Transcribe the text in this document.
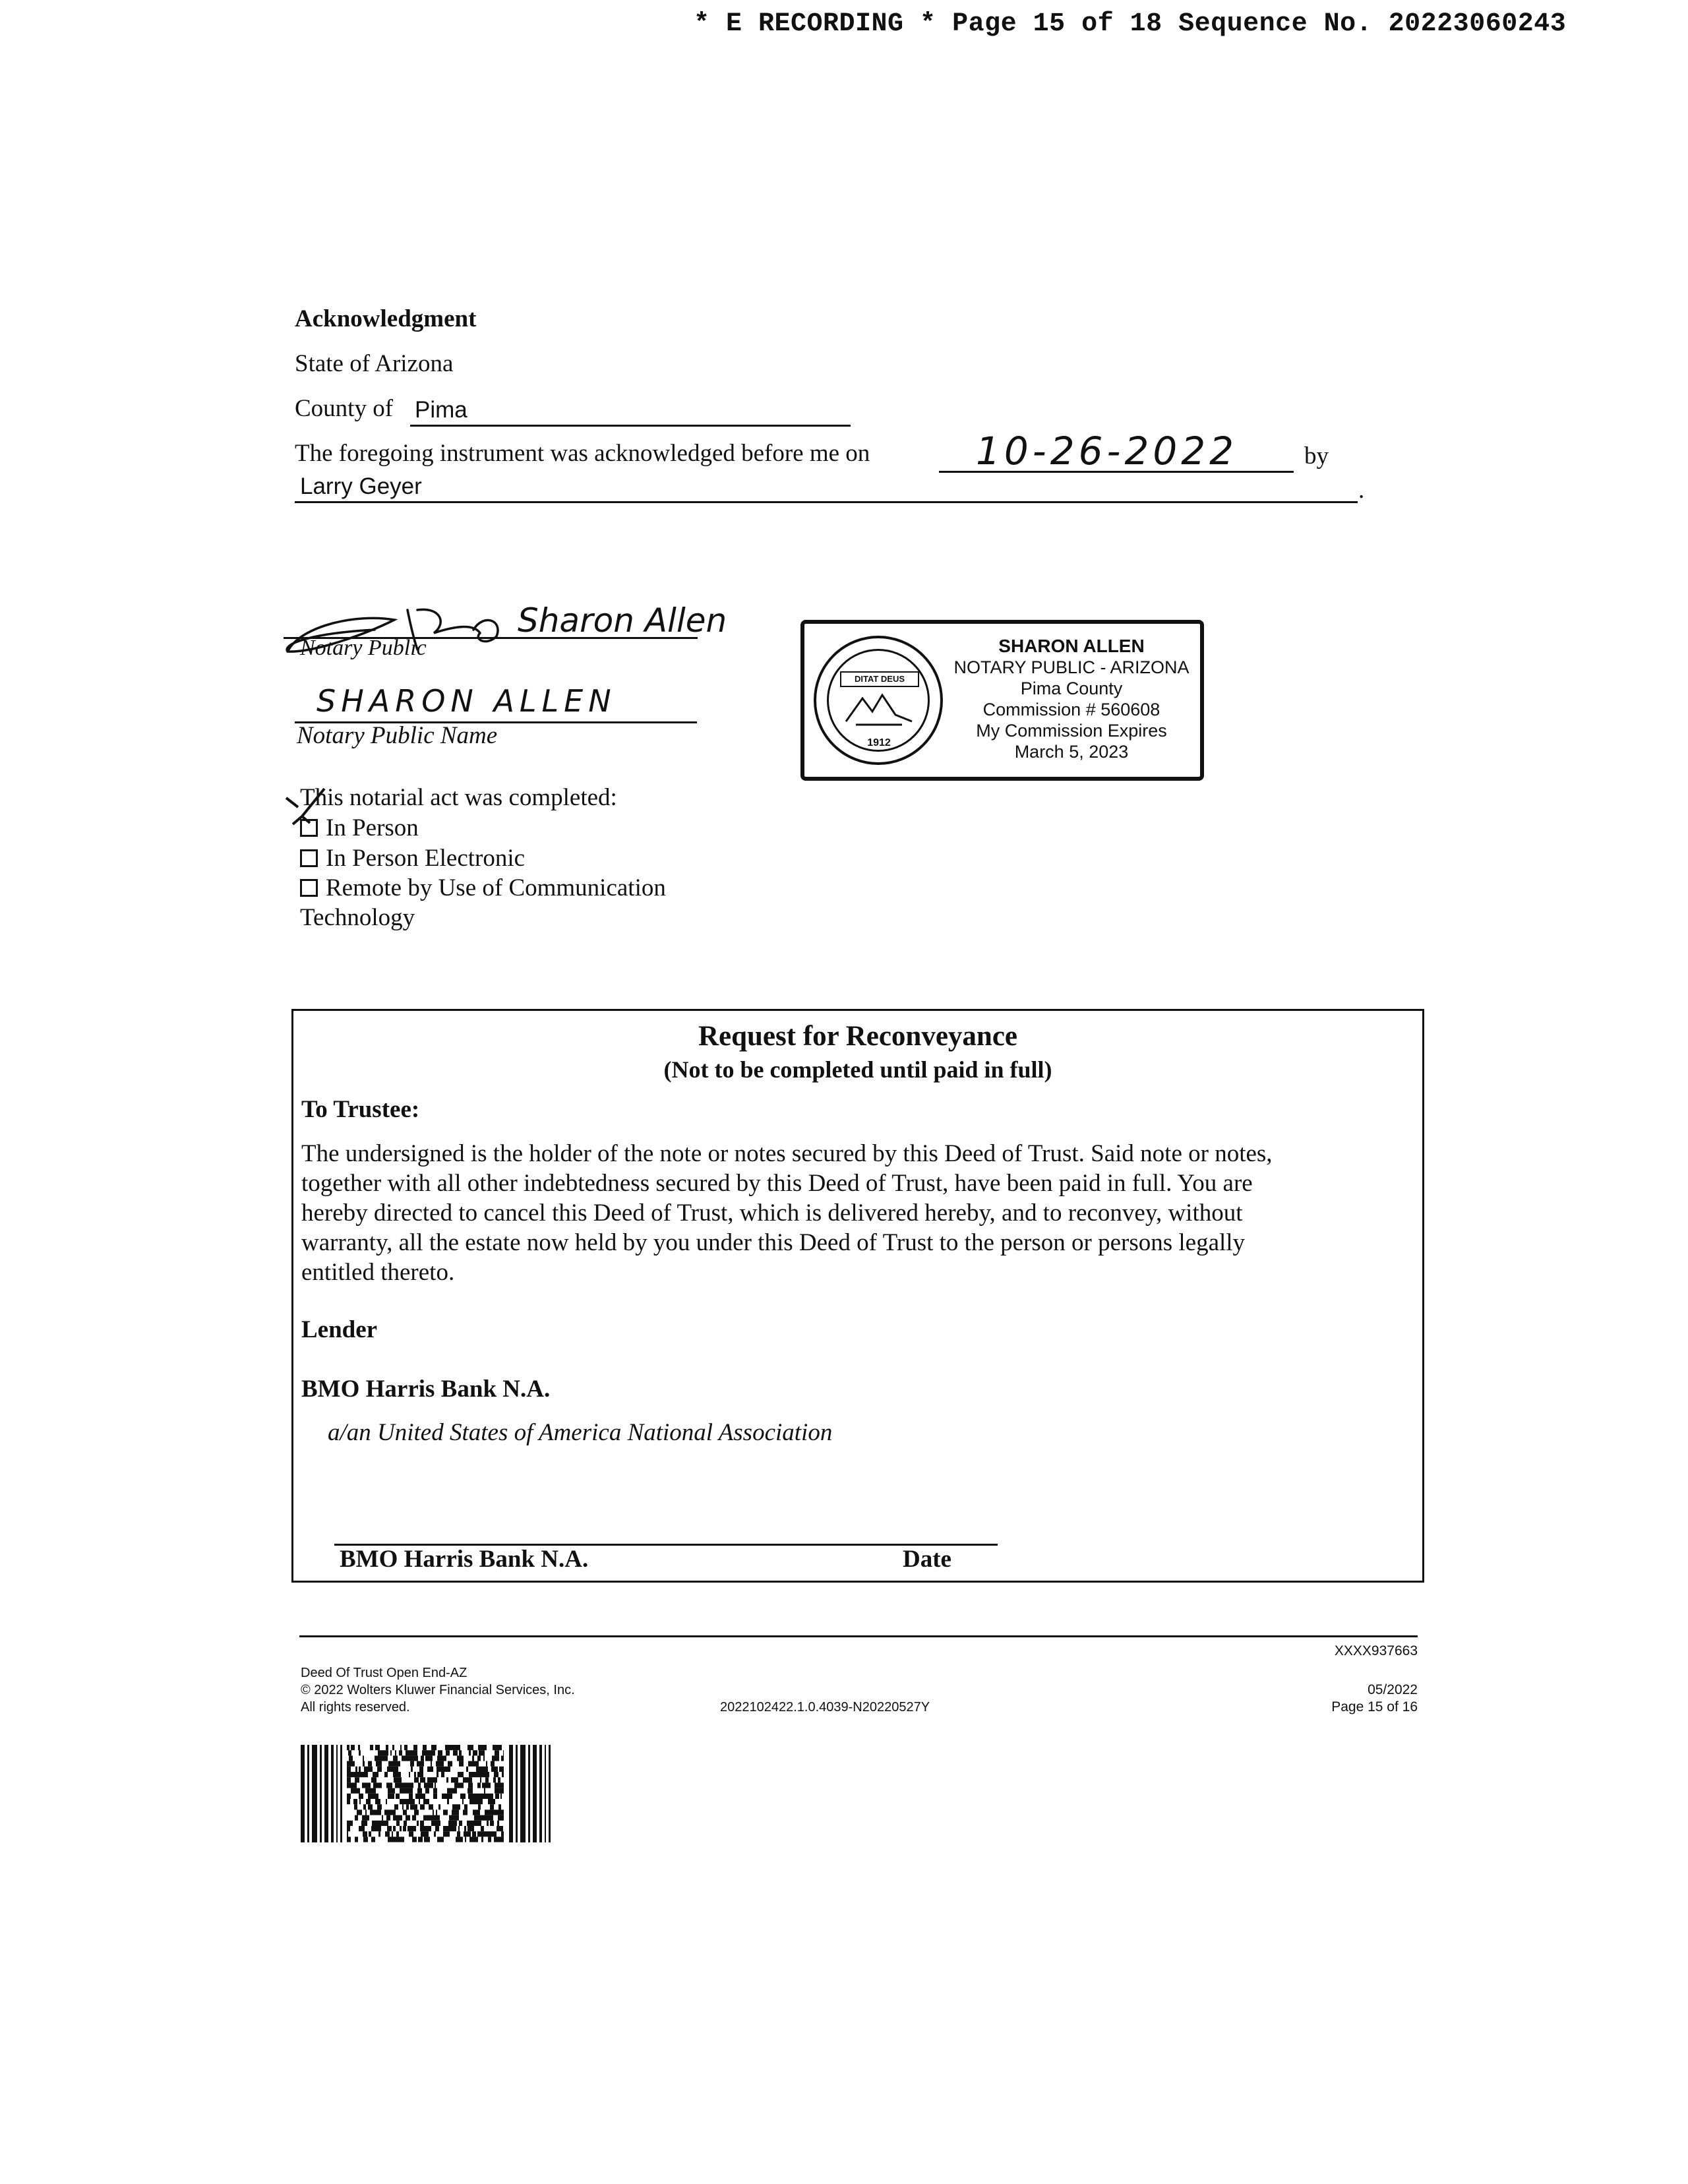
* E RECORDING * Page 15 of 18 Sequence No. 20223060243
Acknowledgment
State of Arizona
County of Pima
The foregoing instrument was acknowledged before me on	10-26-2022	by
Larry Geyer	.
Sharon Allen
Notary Public
SHARON ALLEN
Notary Public Name
DITAT DEUS
1912
SHARON ALLEN
NOTARY PUBLIC - ARIZONA
Pima County
Commission # 560608
My Commission Expires
March 5, 2023
This notarial act was completed:
In Person
In Person Electronic
Remote by Use of Communication
Technology
Request for Reconveyance
(Not to be completed until paid in full)
To Trustee:
The undersigned is the holder of the note or notes secured by this Deed of Trust. Said note or notes,
together with all other indebtedness secured by this Deed of Trust, have been paid in full. You are
hereby directed to cancel this Deed of Trust, which is delivered hereby, and to reconvey, without
warranty, all the estate now held by you under this Deed of Trust to the person or persons legally
entitled thereto.
Lender
BMO Harris Bank N.A.
a/an United States of America National Association
BMO Harris Bank N.A.	Date
XXXX937663
Deed Of Trust Open End-AZ
© 2022 Wolters Kluwer Financial Services, Inc.
All rights reserved.	2022102422.1.0.4039-N20220527Y
05/2022
Page 15 of 16
